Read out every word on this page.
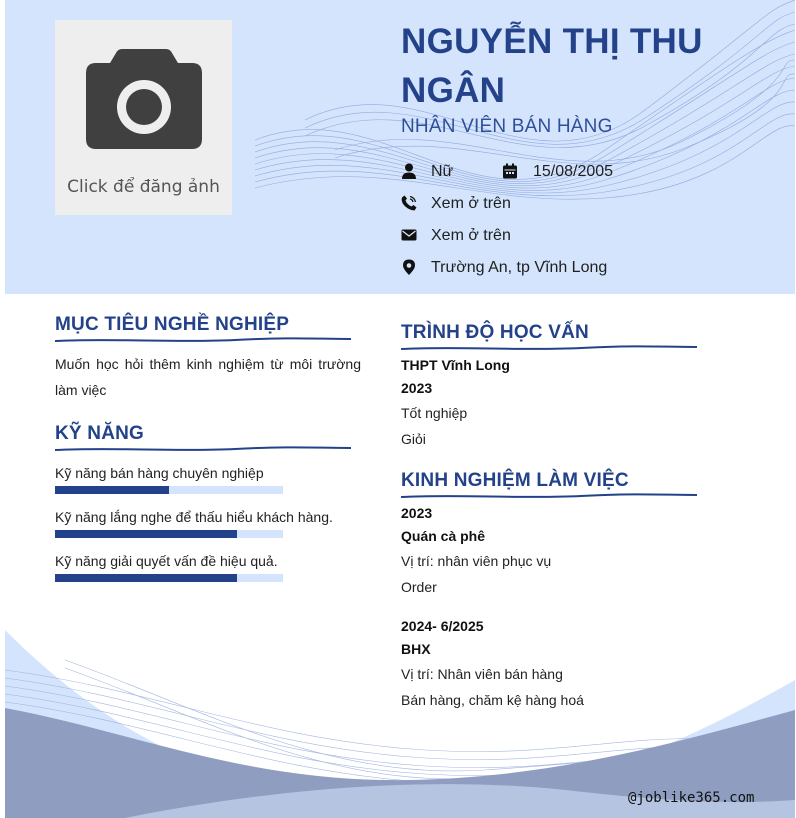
Click để đăng ảnh
NGUYỄN THỊ THU NGÂN
NHÂN VIÊN BÁN HÀNG
Nữ	15/08/2005
Xem ở trên
Xem ở trên
Trường An, tp Vĩnh Long
MỤC TIÊU NGHỀ NGHIỆP
Muốn học hỏi thêm kinh nghiệm từ môi trường làm việc
KỸ NĂNG
Kỹ năng bán hàng chuyên nghiệp
Kỹ năng lắng nghe để thấu hiểu khách hàng.
Kỹ năng giải quyết vấn đề hiệu quả.
TRÌNH ĐỘ HỌC VẤN
THPT Vĩnh Long
2023
Tốt nghiệp
Giỏi
KINH NGHIỆM LÀM VIỆC
2023
Quán cà phê
Vị trí: nhân viên phục vụ
Order
2024- 6/2025
BHX
Vị trí: Nhân viên bán hàng
Bán hàng, chăm kệ hàng hoá
@joblike365.com
